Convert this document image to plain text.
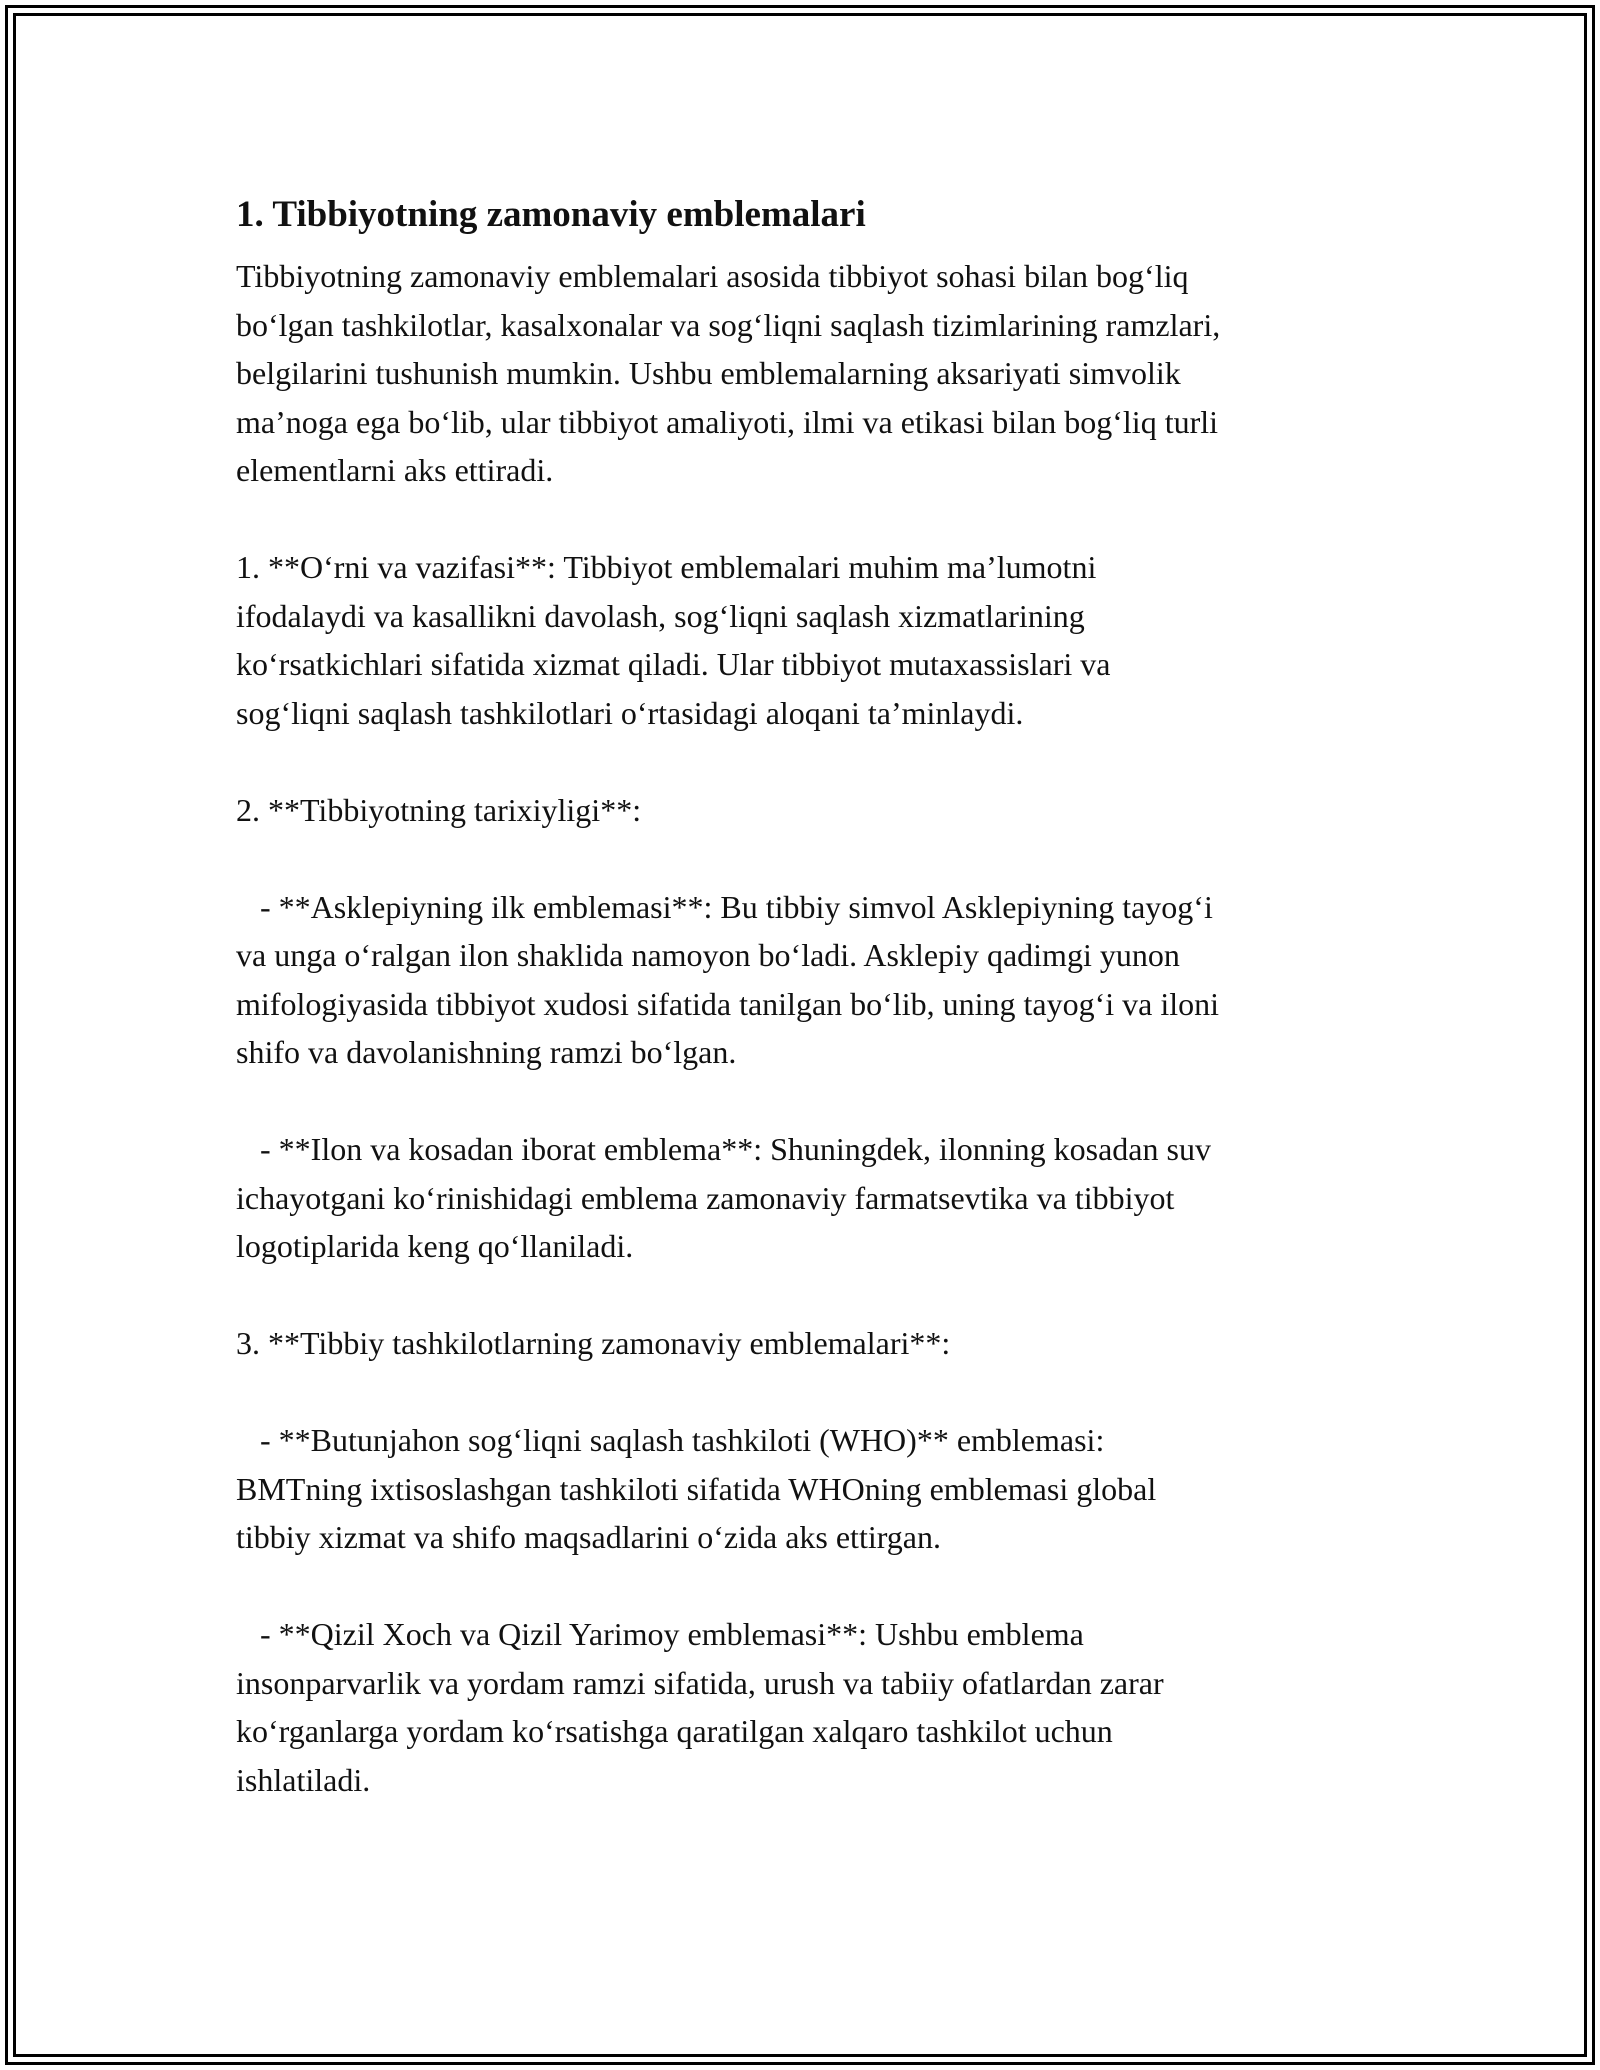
1. Tibbiyotning zamonaviy emblemalari
Tibbiyotning zamonaviy emblemalari asosida tibbiyot sohasi bilan bog‘liq
bo‘lgan tashkilotlar, kasalxonalar va sog‘liqni saqlash tizimlarining ramzlari,
belgilarini tushunish mumkin. Ushbu emblemalarning aksariyati simvolik
ma’noga ega bo‘lib, ular tibbiyot amaliyoti, ilmi va etikasi bilan bog‘liq turli
elementlarni aks ettiradi.
1. **O‘rni va vazifasi**: Tibbiyot emblemalari muhim ma’lumotni
ifodalaydi va kasallikni davolash, sog‘liqni saqlash xizmatlarining
ko‘rsatkichlari sifatida xizmat qiladi. Ular tibbiyot mutaxassislari va
sog‘liqni saqlash tashkilotlari o‘rtasidagi aloqani ta’minlaydi.
2. **Tibbiyotning tarixiyligi**:
- **Asklepiyning ilk emblemasi**: Bu tibbiy simvol Asklepiyning tayog‘i
va unga o‘ralgan ilon shaklida namoyon bo‘ladi. Asklepiy qadimgi yunon
mifologiyasida tibbiyot xudosi sifatida tanilgan bo‘lib, uning tayog‘i va iloni
shifo va davolanishning ramzi bo‘lgan.
- **Ilon va kosadan iborat emblema**: Shuningdek, ilonning kosadan suv
ichayotgani ko‘rinishidagi emblema zamonaviy farmatsevtika va tibbiyot
logotiplarida keng qo‘llaniladi.
3. **Tibbiy tashkilotlarning zamonaviy emblemalari**:
- **Butunjahon sog‘liqni saqlash tashkiloti (WHO)** emblemasi:
BMTning ixtisoslashgan tashkiloti sifatida WHOning emblemasi global
tibbiy xizmat va shifo maqsadlarini o‘zida aks ettirgan.
- **Qizil Xoch va Qizil Yarimoy emblemasi**: Ushbu emblema
insonparvarlik va yordam ramzi sifatida, urush va tabiiy ofatlardan zarar
ko‘rganlarga yordam ko‘rsatishga qaratilgan xalqaro tashkilot uchun
ishlatiladi.
